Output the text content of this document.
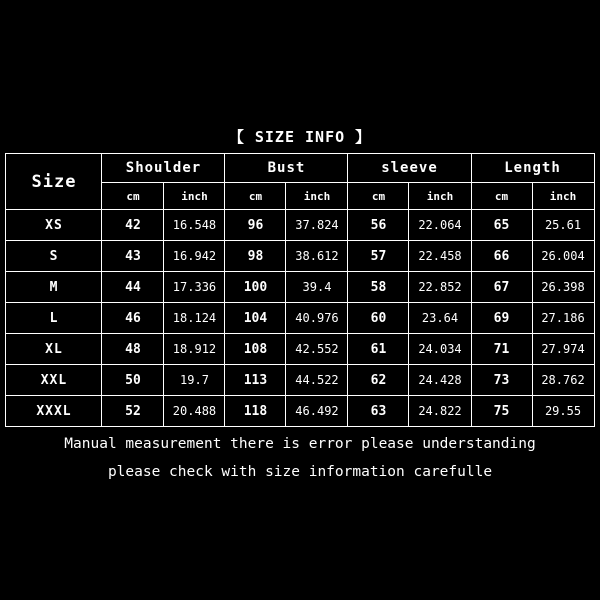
【 SIZE INFO 】
Size	Shoulder		Bust		sleeve		Length	
	cm	inch	cm	inch	cm	inch	cm	inch
XS	42	16.548	96	37.824	56	22.064	65	25.61
S	43	16.942	98	38.612	57	22.458	66	26.004
M	44	17.336	100	39.4	58	22.852	67	26.398
L	46	18.124	104	40.976	60	23.64	69	27.186
XL	48	18.912	108	42.552	61	24.034	71	27.974
XXL	50	19.7	113	44.522	62	24.428	73	28.762
XXXL	52	20.488	118	46.492	63	24.822	75	29.55
Manual measurement there is error please understanding
please check with size information carefulle
